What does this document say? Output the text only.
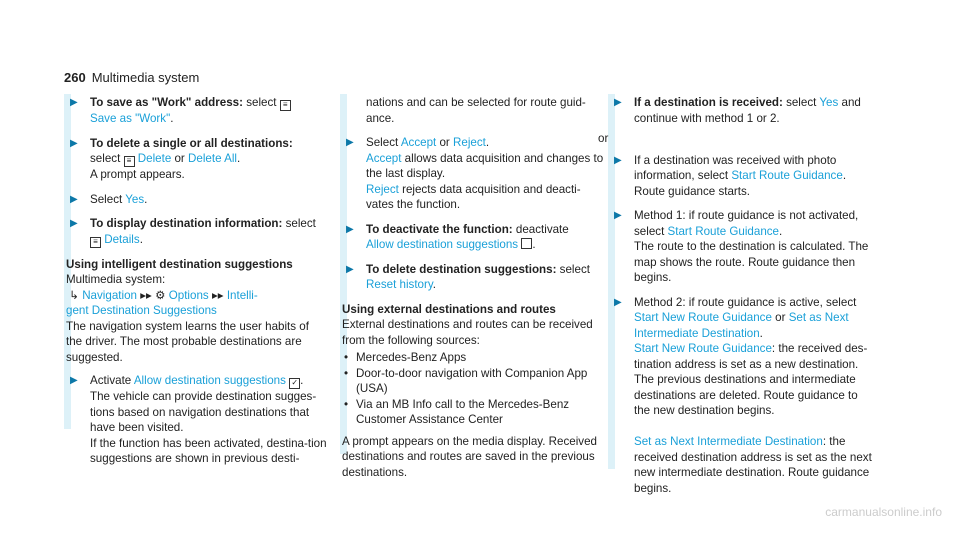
260 Multimedia system
▶ To save as "Work" address: select ≡
Save as "Work".
▶ To delete a single or all destinations:
select ≡ Delete or Delete All.
A prompt appears.
▶ Select Yes.
▶ To display destination information: select
≡ Details.
Using intelligent destination suggestions
Multimedia system:
↳ Navigation ▸▸ ⚙ Options ▸▸ Intelli-
gent Destination Suggestions
The navigation system learns the user habits of the driver. The most probable destinations are suggested.
▶ Activate Allow destination suggestions ✓ .
The vehicle can provide destination sugges-tions based on navigation destinations that have been visited.
If the function has been activated, destina-tion suggestions are shown in previous desti-
nations and can be selected for route guid-ance.
▶ Select Accept or Reject.
Accept allows data acquisition and changes to the last display.
Reject rejects data acquisition and deacti-vates the function.
▶ To deactivate the function: deactivate
Allow destination suggestions .
▶ To delete destination suggestions: select
Reset history.
Using external destinations and routes
External destinations and routes can be received from the following sources:
• Mercedes-Benz Apps
• Door-to-door navigation with Companion App (USA)
• Via an MB Info call to the Mercedes-Benz Customer Assistance Center
A prompt appears on the media display. Received destinations and routes are saved in the previous destinations.
▶ If a destination is received: select Yes and continue with method 1 or 2.
or
▶ If a destination was received with photo information, select Start Route Guidance.
Route guidance starts.
▶ Method 1: if route guidance is not activated, select Start Route Guidance.
The route to the destination is calculated. The map shows the route. Route guidance then begins.
▶ Method 2: if route guidance is active, select Start New Route Guidance or Set as Next Intermediate Destination.
Start New Route Guidance: the received des-tination address is set as a new destination. The previous destinations and intermediate destinations are deleted. Route guidance to the new destination begins.

Set as Next Intermediate Destination: the received destination address is set as the next new intermediate destination. Route guidance begins.
carmanualsonline.info
